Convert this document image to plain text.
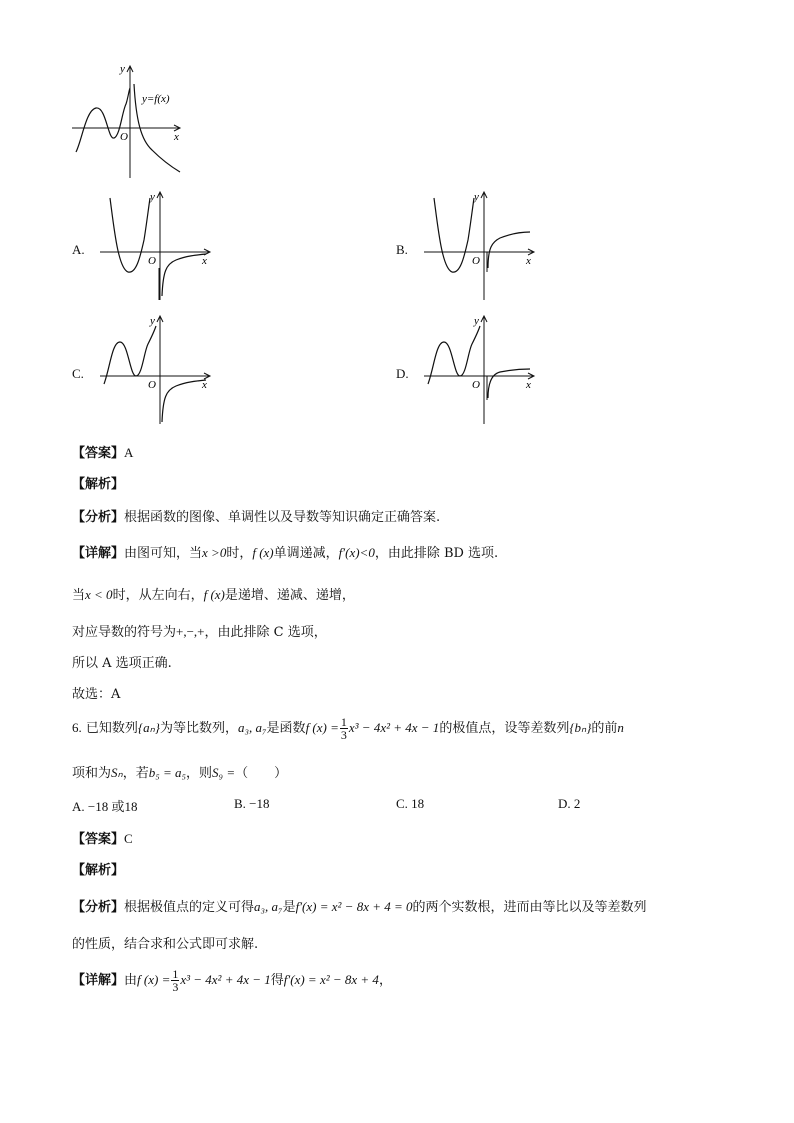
y
x
O
y=f(x)
A.
y
x
O
B.
y
x
O
C.
y
x
O
D.
y
x
O
【答案】A
【解析】
【分析】根据函数的图像、单调性以及导数等知识确定正确答案.
【详解】由图可知，当x >0时，f (x)单调递减，f′(x)<0，由此排除 BD 选项.
当x < 0时，从左向右，f (x)是递增、递减、递增，
对应导数的符号为+,−,+，由此排除 C 选项，
所以 A 选项正确.
故选：A
6. 已知数列{aₙ}为等比数列，a₃, a₇是函数f $(x) = \frac{1}{3} x^3 - 4x^2 + 4x - 1$的极值点，设等差数列{bₙ}的前n
项和为Sₙ，若b₅ = a₅，则S₉ =（　　）
A. −18 或18	B. −18	C. 18	D. 2
【答案】C
【解析】
【分析】根据极值点的定义可得a₃, a₇是f′(x) = x² − 8x + 4 = 0的两个实数根，进而由等比以及等差数列
的性质，结合求和公式即可求解.
【详解】由f $(x) = \frac{1}{3} x^3 - 4x^2 + 4x - 1$得f′(x) = x² − 8x + 4，
